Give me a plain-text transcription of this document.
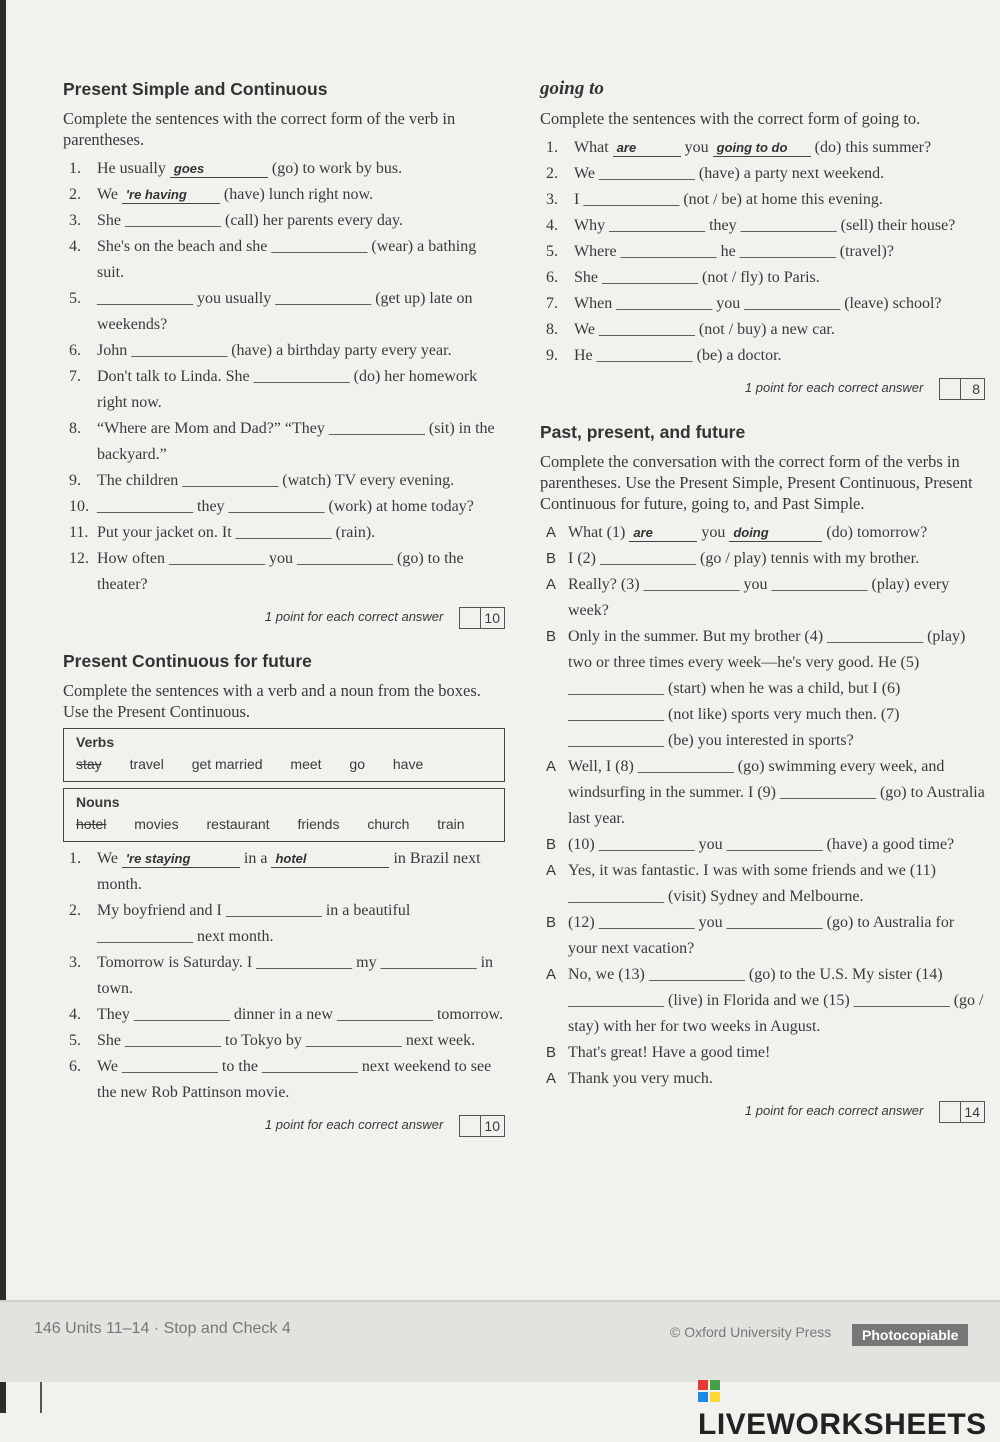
Present Simple and Continuous

Complete the sentences with the correct form of the verb in parentheses.

1. He usually goes	(go) to work by bus.
2. We 're having (have) lunch right now.
3. She ____________ (call) her parents every day.
4. She's on the beach and she ____________ (wear) a bathing suit.
5. ____________ you usually ____________ (get up) late on weekends?
6. John ____________ (have) a birthday party every year.
7. Don't talk to Linda. She ____________ (do) her homework right now.
8. “Where are Mom and Dad?” “They ____________ (sit) in the backyard.”
9. The children ____________ (watch) TV every evening.
10. ____________ they ____________ (work) at home today?
11. Put your jacket on. It ____________ (rain).
12. How often ____________ you ____________ (go) to the theater?
1 point for each correct answer	10
Present Continuous for future

Complete the sentences with a verb and a noun from the boxes. Use the Present Continuous.

Verbs
stay travel get married meet go have
Nouns
hotel movies restaurant friends church train
1. We 're staying	in a hotel	in Brazil next month.
2. My boyfriend and I ____________ in a beautiful ____________ next month.
3. Tomorrow is Saturday. I ____________ my ____________ in town.
4. They ____________ dinner in a new ____________ tomorrow.
5. She ____________ to Tokyo by ____________ next week.
6. We ____________ to the ____________ next weekend to see the new Rob Pattinson movie.
1 point for each correct answer	10
going to

Complete the sentences with the correct form of going to.

1. What are	you going to do (do) this summer?
2. We ____________ (have) a party next weekend.
3. I ____________ (not / be) at home this evening.
4. Why ____________ they ____________ (sell) their house?
5. Where ____________ he ____________ (travel)?
6. She ____________ (not / fly) to Paris.
7. When ____________ you ____________ (leave) school?
8. We ____________ (not / buy) a new car.
9. He ____________ (be) a doctor.
1 point for each correct answer	8
Past, present, and future

Complete the conversation with the correct form of the verbs in parentheses. Use the Present Simple, Present Continuous, Present Continuous for future, going to, and Past Simple.

A What (1) are	you doing	(do) tomorrow?
B I (2) ____________ (go / play) tennis with my brother.
A Really? (3) ____________ you ____________ (play) every week?
B Only in the summer. But my brother (4) ____________ (play) two or three times every week—he's very good. He (5) ____________ (start) when he was a child, but I (6) ____________ (not like) sports very much then. (7) ____________ (be) you interested in sports?
A Well, I (8) ____________ (go) swimming every week, and windsurfing in the summer. I (9) ____________ (go) to Australia last year.
B (10) ____________ you ____________ (have) a good time?
A Yes, it was fantastic. I was with some friends and we (11) ____________ (visit) Sydney and Melbourne.
B (12) ____________ you ____________ (go) to Australia for your next vacation?
A No, we (13) ____________ (go) to the U.S. My sister (14) ____________ (live) in Florida and we (15) ____________ (go / stay) with her for two weeks in August.
B That's great! Have a good time!
A Thank you very much.
1 point for each correct answer	14
146 Units 11–14 · Stop and Check 4	© Oxford University Press	Photocopiable
LIVEWORKSHEETS
